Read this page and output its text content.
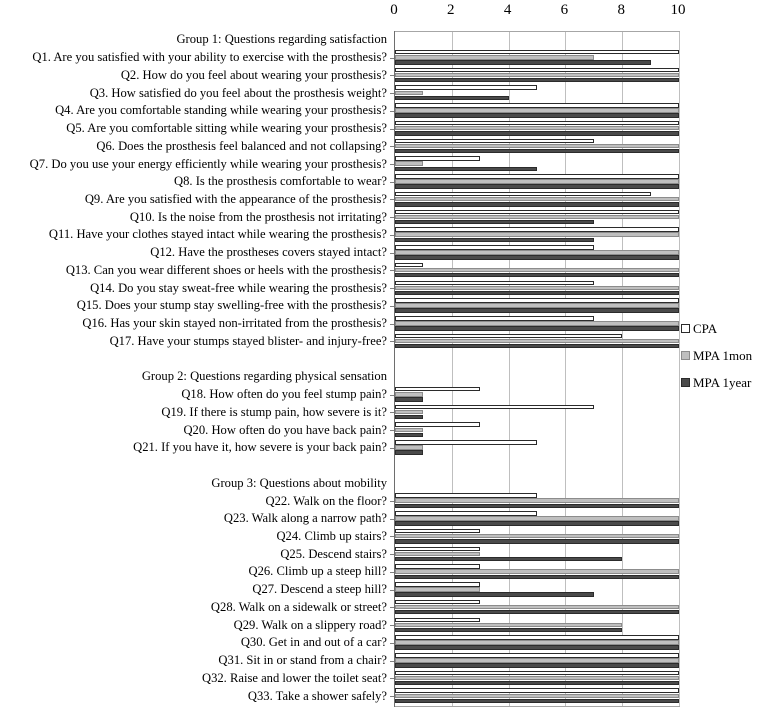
0	2	4	6	8	10
Group 1: Questions regarding satisfaction
Q1. Are you satisfied with your ability to exercise with the prosthesis?
Q2. How do you feel about wearing your prosthesis?
Q3. How satisfied do you feel about the prosthesis weight?
Q4. Are you comfortable standing while wearing your prosthesis?
Q5. Are you comfortable sitting while wearing your prosthesis?
Q6. Does the prosthesis feel balanced and not collapsing?
Q7. Do you use your energy efficiently while wearing your prosthesis?
Q8. Is the prosthesis comfortable to wear?
Q9. Are you satisfied with the appearance of the prosthesis?
Q10. Is the noise from the prosthesis not irritating?
Q11. Have your clothes stayed intact while wearing the prosthesis?
Q12. Have the prostheses covers stayed intact?
Q13. Can you wear different shoes or heels with the prosthesis?
Q14. Do you stay sweat-free while wearing the prosthesis?
Q15. Does your stump stay swelling-free with the prosthesis?
Q16. Has your skin stayed non-irritated from the prosthesis?
Q17. Have your stumps stayed blister- and injury-free?
Group 2: Questions regarding physical sensation
Q18. How often do you feel stump pain?
Q19. If there is stump pain, how severe is it?
Q20. How often do you have back pain?
Q21. If you have it, how severe is your back pain?
Group 3: Questions about mobility
Q22. Walk on the floor?
Q23. Walk along a narrow path?
Q24. Climb up stairs?
Q25. Descend stairs?
Q26. Climb up a steep hill?
Q27. Descend a steep hill?
Q28. Walk on a sidewalk or street?
Q29. Walk on a slippery road?
Q30. Get in and out of a car?
Q31. Sit in or stand from a chair?
Q32. Raise and lower the toilet seat?
Q33. Take a shower safely?
CPA
MPA 1mon
MPA 1year
